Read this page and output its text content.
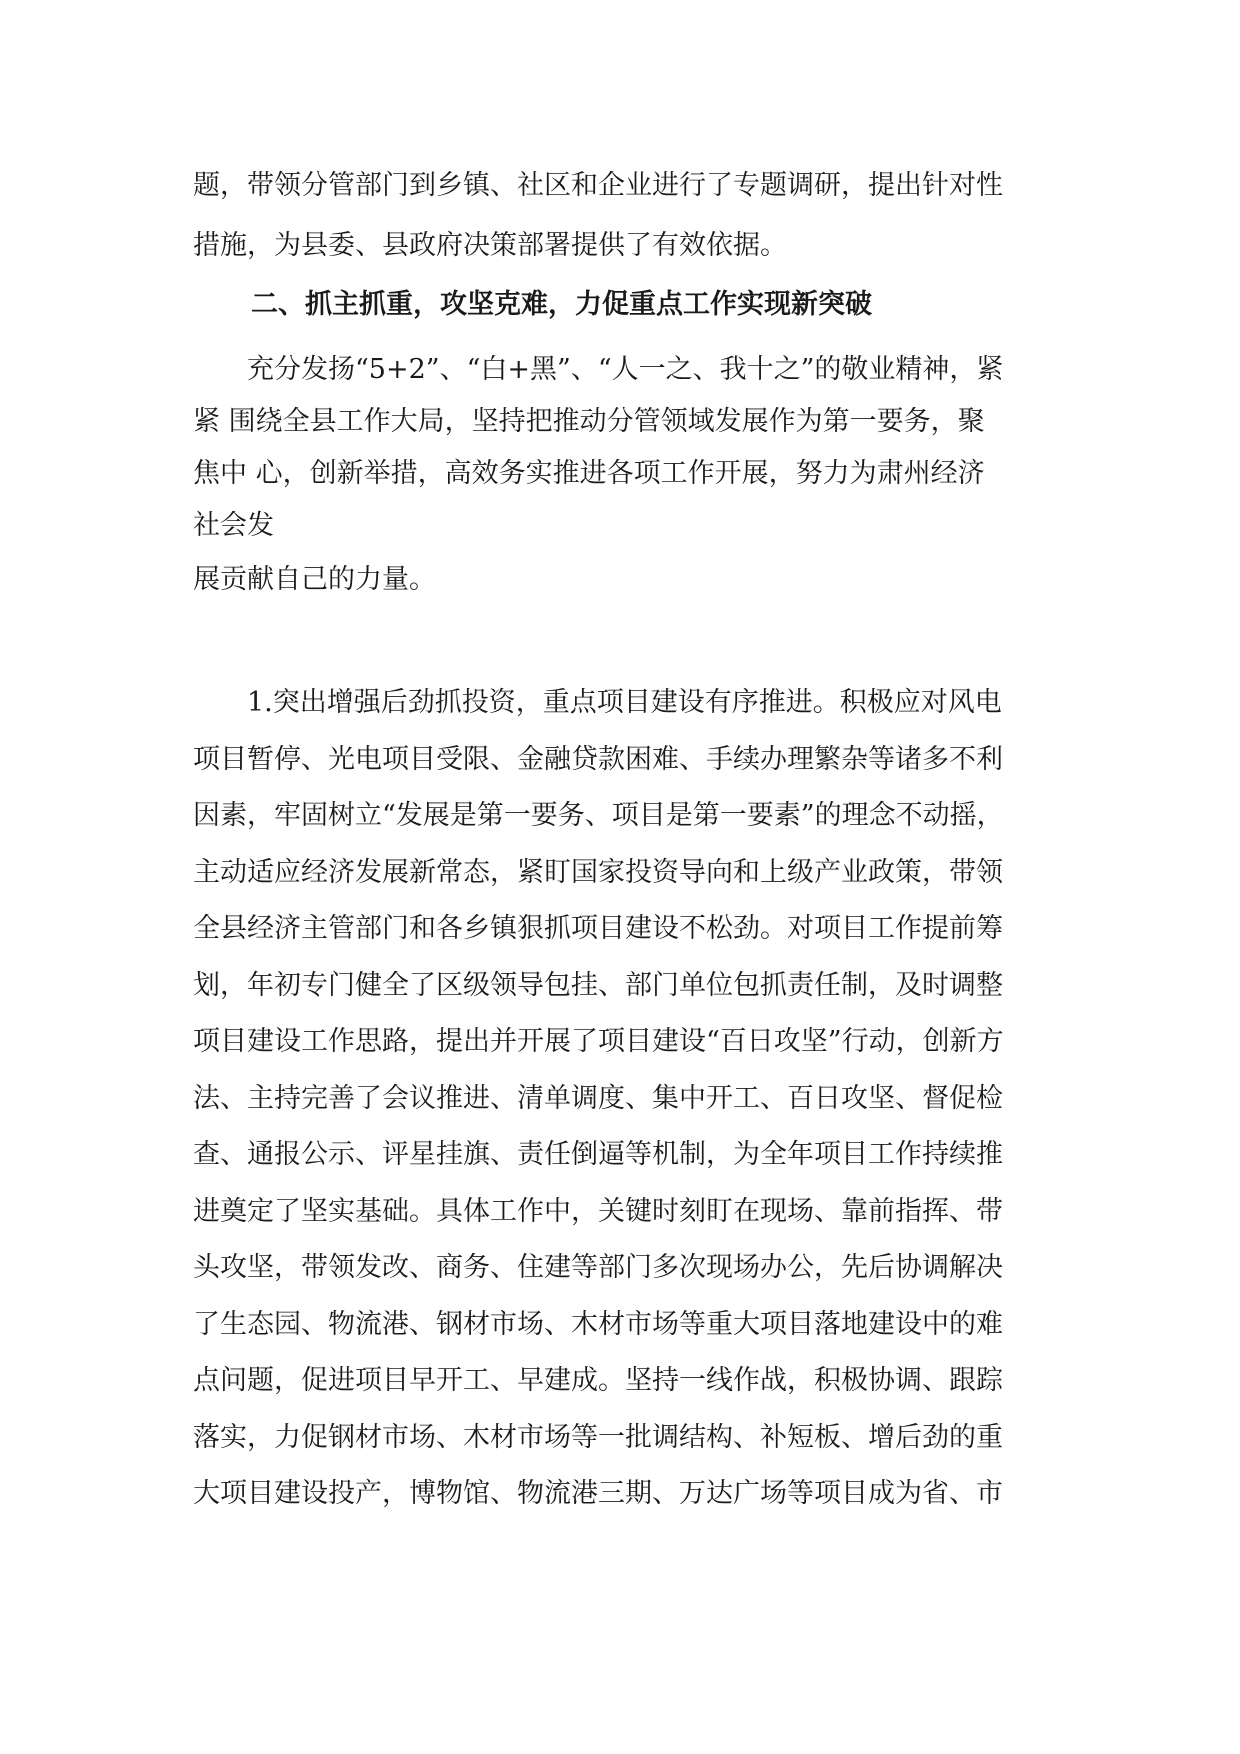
题，带领分管部门到乡镇、社区和企业进行了专题调研，提出针对性
措施，为县委、县政府决策部署提供了有效依据。
二、抓主抓重，攻坚克难，力促重点工作实现新突破
　　充分发扬“5+2”、“白+黑”、“人一之、我十之”的敬业精神，紧
紧 围绕全县工作大局，坚持把推动分管领域发展作为第一要务，聚
焦中 心，创新举措，高效务实推进各项工作开展，努力为肃州经济
社会发
展贡献自己的力量。
　　1.突出增强后劲抓投资，重点项目建设有序推进。积极应对风电
项目暂停、光电项目受限、金融贷款困难、手续办理繁杂等诸多不利
因素，牢固树立“发展是第一要务、项目是第一要素”的理念不动摇，
主动适应经济发展新常态，紧盯国家投资导向和上级产业政策，带领
全县经济主管部门和各乡镇狠抓项目建设不松劲。对项目工作提前筹
划，年初专门健全了区级领导包挂、部门单位包抓责任制，及时调整
项目建设工作思路，提出并开展了项目建设“百日攻坚”行动，创新方
法、主持完善了会议推进、清单调度、集中开工、百日攻坚、督促检
查、通报公示、评星挂旗、责任倒逼等机制，为全年项目工作持续推
进奠定了坚实基础。具体工作中，关键时刻盯在现场、靠前指挥、带
头攻坚，带领发改、商务、住建等部门多次现场办公，先后协调解决
了生态园、物流港、钢材市场、木材市场等重大项目落地建设中的难
点问题，促进项目早开工、早建成。坚持一线作战，积极协调、跟踪
落实，力促钢材市场、木材市场等一批调结构、补短板、增后劲的重
大项目建设投产，博物馆、物流港三期、万达广场等项目成为省、市
